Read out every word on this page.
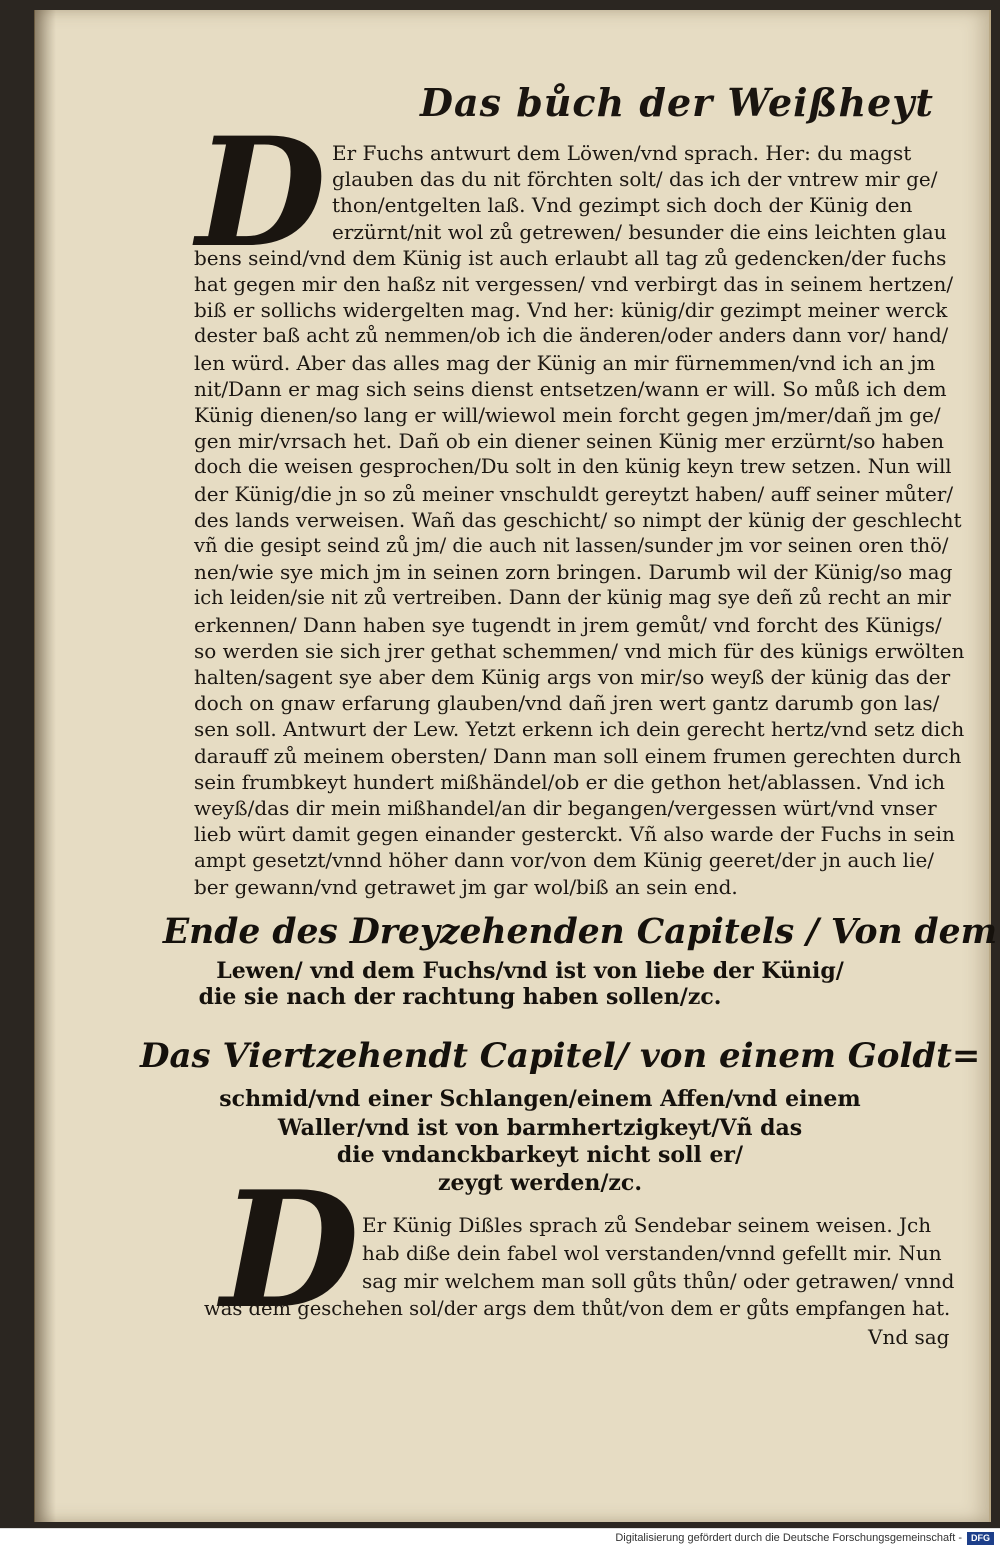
Das bůch der Weißheyt
D Er Fuchs antwurt dem Löwen/vnd sprach. Her: du magst
glauben das du nit förchten solt/ das ich der vntrew mir ge/
thon/entgelten laß. Vnd gezimpt sich doch der Künig den
erzürnt/nit wol zů getrewen/ besunder die eins leichten glau
bens seind/vnd dem Künig ist auch erlaubt all tag zů gedencken/der fuchs
hat gegen mir den haßz nit vergessen/ vnd verbirgt das in seinem hertzen/
biß er sollichs widergelten mag. Vnd her: künig/dir gezimpt meiner werck
dester baß acht zů nemmen/ob ich die änderen/oder anders dann vor/ hand/
len würd. Aber das alles mag der Künig an mir fürnemmen/vnd ich an jm
nit/Dann er mag sich seins dienst entsetzen/wann er will. So můß ich dem
Künig dienen/so lang er will/wiewol mein forcht gegen jm/mer/dañ jm ge/
gen mir/vrsach het. Dañ ob ein diener seinen Künig mer erzürnt/so haben
doch die weisen gesprochen/Du solt in den künig keyn trew setzen. Nun will
der Künig/die jn so zů meiner vnschuldt gereytzt haben/ auff seiner můter/
des lands verweisen. Wañ das geschicht/ so nimpt der künig der geschlecht
vñ die gesipt seind zů jm/ die auch nit lassen/sunder jm vor seinen oren thö/
nen/wie sye mich jm in seinen zorn bringen. Darumb wil der Künig/so mag
ich leiden/sie nit zů vertreiben. Dann der künig mag sye deñ zů recht an mir
erkennen/ Dann haben sye tugendt in jrem gemůt/ vnd forcht des Künigs/
so werden sie sich jrer gethat schemmen/ vnd mich für des künigs erwölten
halten/sagent sye aber dem Künig args von mir/so weyß der künig das der
doch on gnaw erfarung glauben/vnd dañ jren wert gantz darumb gon las/
sen soll. Antwurt der Lew. Yetzt erkenn ich dein gerecht hertz/vnd setz dich
darauff zů meinem obersten/ Dann man soll einem frumen gerechten durch
sein frumbkeyt hundert mißhändel/ob er die gethon het/ablassen. Vnd ich
weyß/das dir mein mißhandel/an dir begangen/vergessen würt/vnd vnser
lieb würt damit gegen einander gesterckt. Vñ also warde der Fuchs in sein
ampt gesetzt/vnnd höher dann vor/von dem Künig geeret/der jn auch lie/
ber gewann/vnd getrawet jm gar wol/biß an sein end.
Ende des Dreyzehenden Capitels / Von dem
Lewen/ vnd dem Fuchs/vnd ist von liebe der Künig/
die sie nach der rachtung haben sollen/zc.
Das Viertzehendt Capitel/ von einem Goldt=
schmid/vnd einer Schlangen/einem Affen/vnd einem
Waller/vnd ist von barmhertzigkeyt/Vñ das
die vndanckbarkeyt nicht soll er/
zeygt werden/zc.
D Er Künig Dißles sprach zů Sendebar seinem weisen. Jch
hab diße dein fabel wol verstanden/vnnd gefellt mir. Nun
sag mir welchem man soll gůts thůn/ oder getrawen/ vnnd
was dem geschehen sol/der args dem thůt/von dem er gůts empfangen hat.
Vnd sag
Digitalisierung gefördert durch die Deutsche Forschungsgemeinschaft -	DFG
